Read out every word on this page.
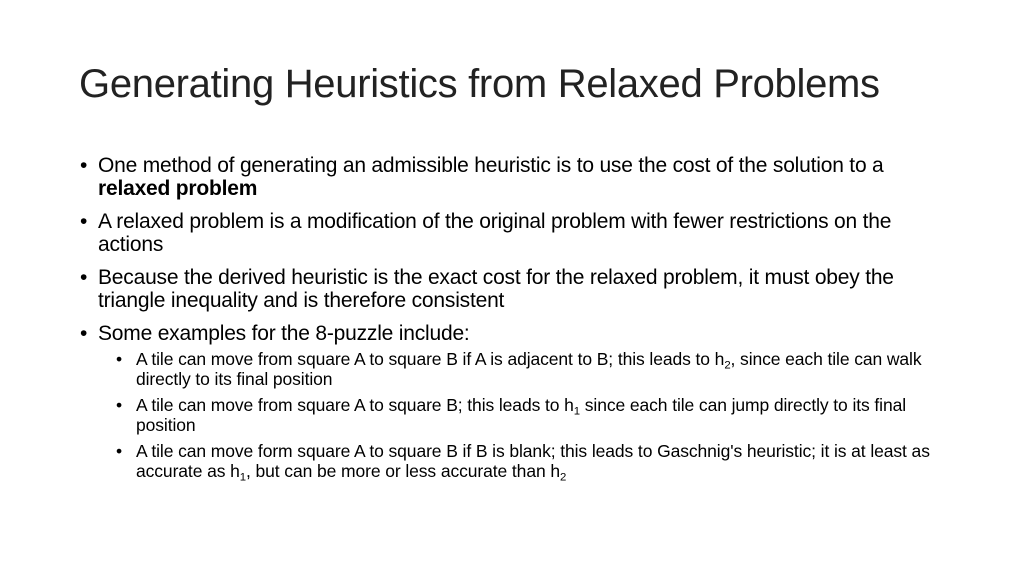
Generating Heuristics from Relaxed Problems
• One method of generating an admissible heuristic is to use the cost of the solution to a relaxed problem
• A relaxed problem is a modification of the original problem with fewer restrictions on the actions
• Because the derived heuristic is the exact cost for the relaxed problem, it must obey the triangle inequality and is therefore consistent
• Some examples for the 8-puzzle include:
• A tile can move from square A to square B if A is adjacent to B; this leads to $h_2$, since each tile can walk directly to its final position
• A tile can move from square A to square B; this leads to $h_1$ since each tile can jump directly to its final position
• A tile can move form square A to square B if B is blank; this leads to Gaschnig's heuristic; it is at least as accurate as $h_1$, but can be more or less accurate than $h_2$
